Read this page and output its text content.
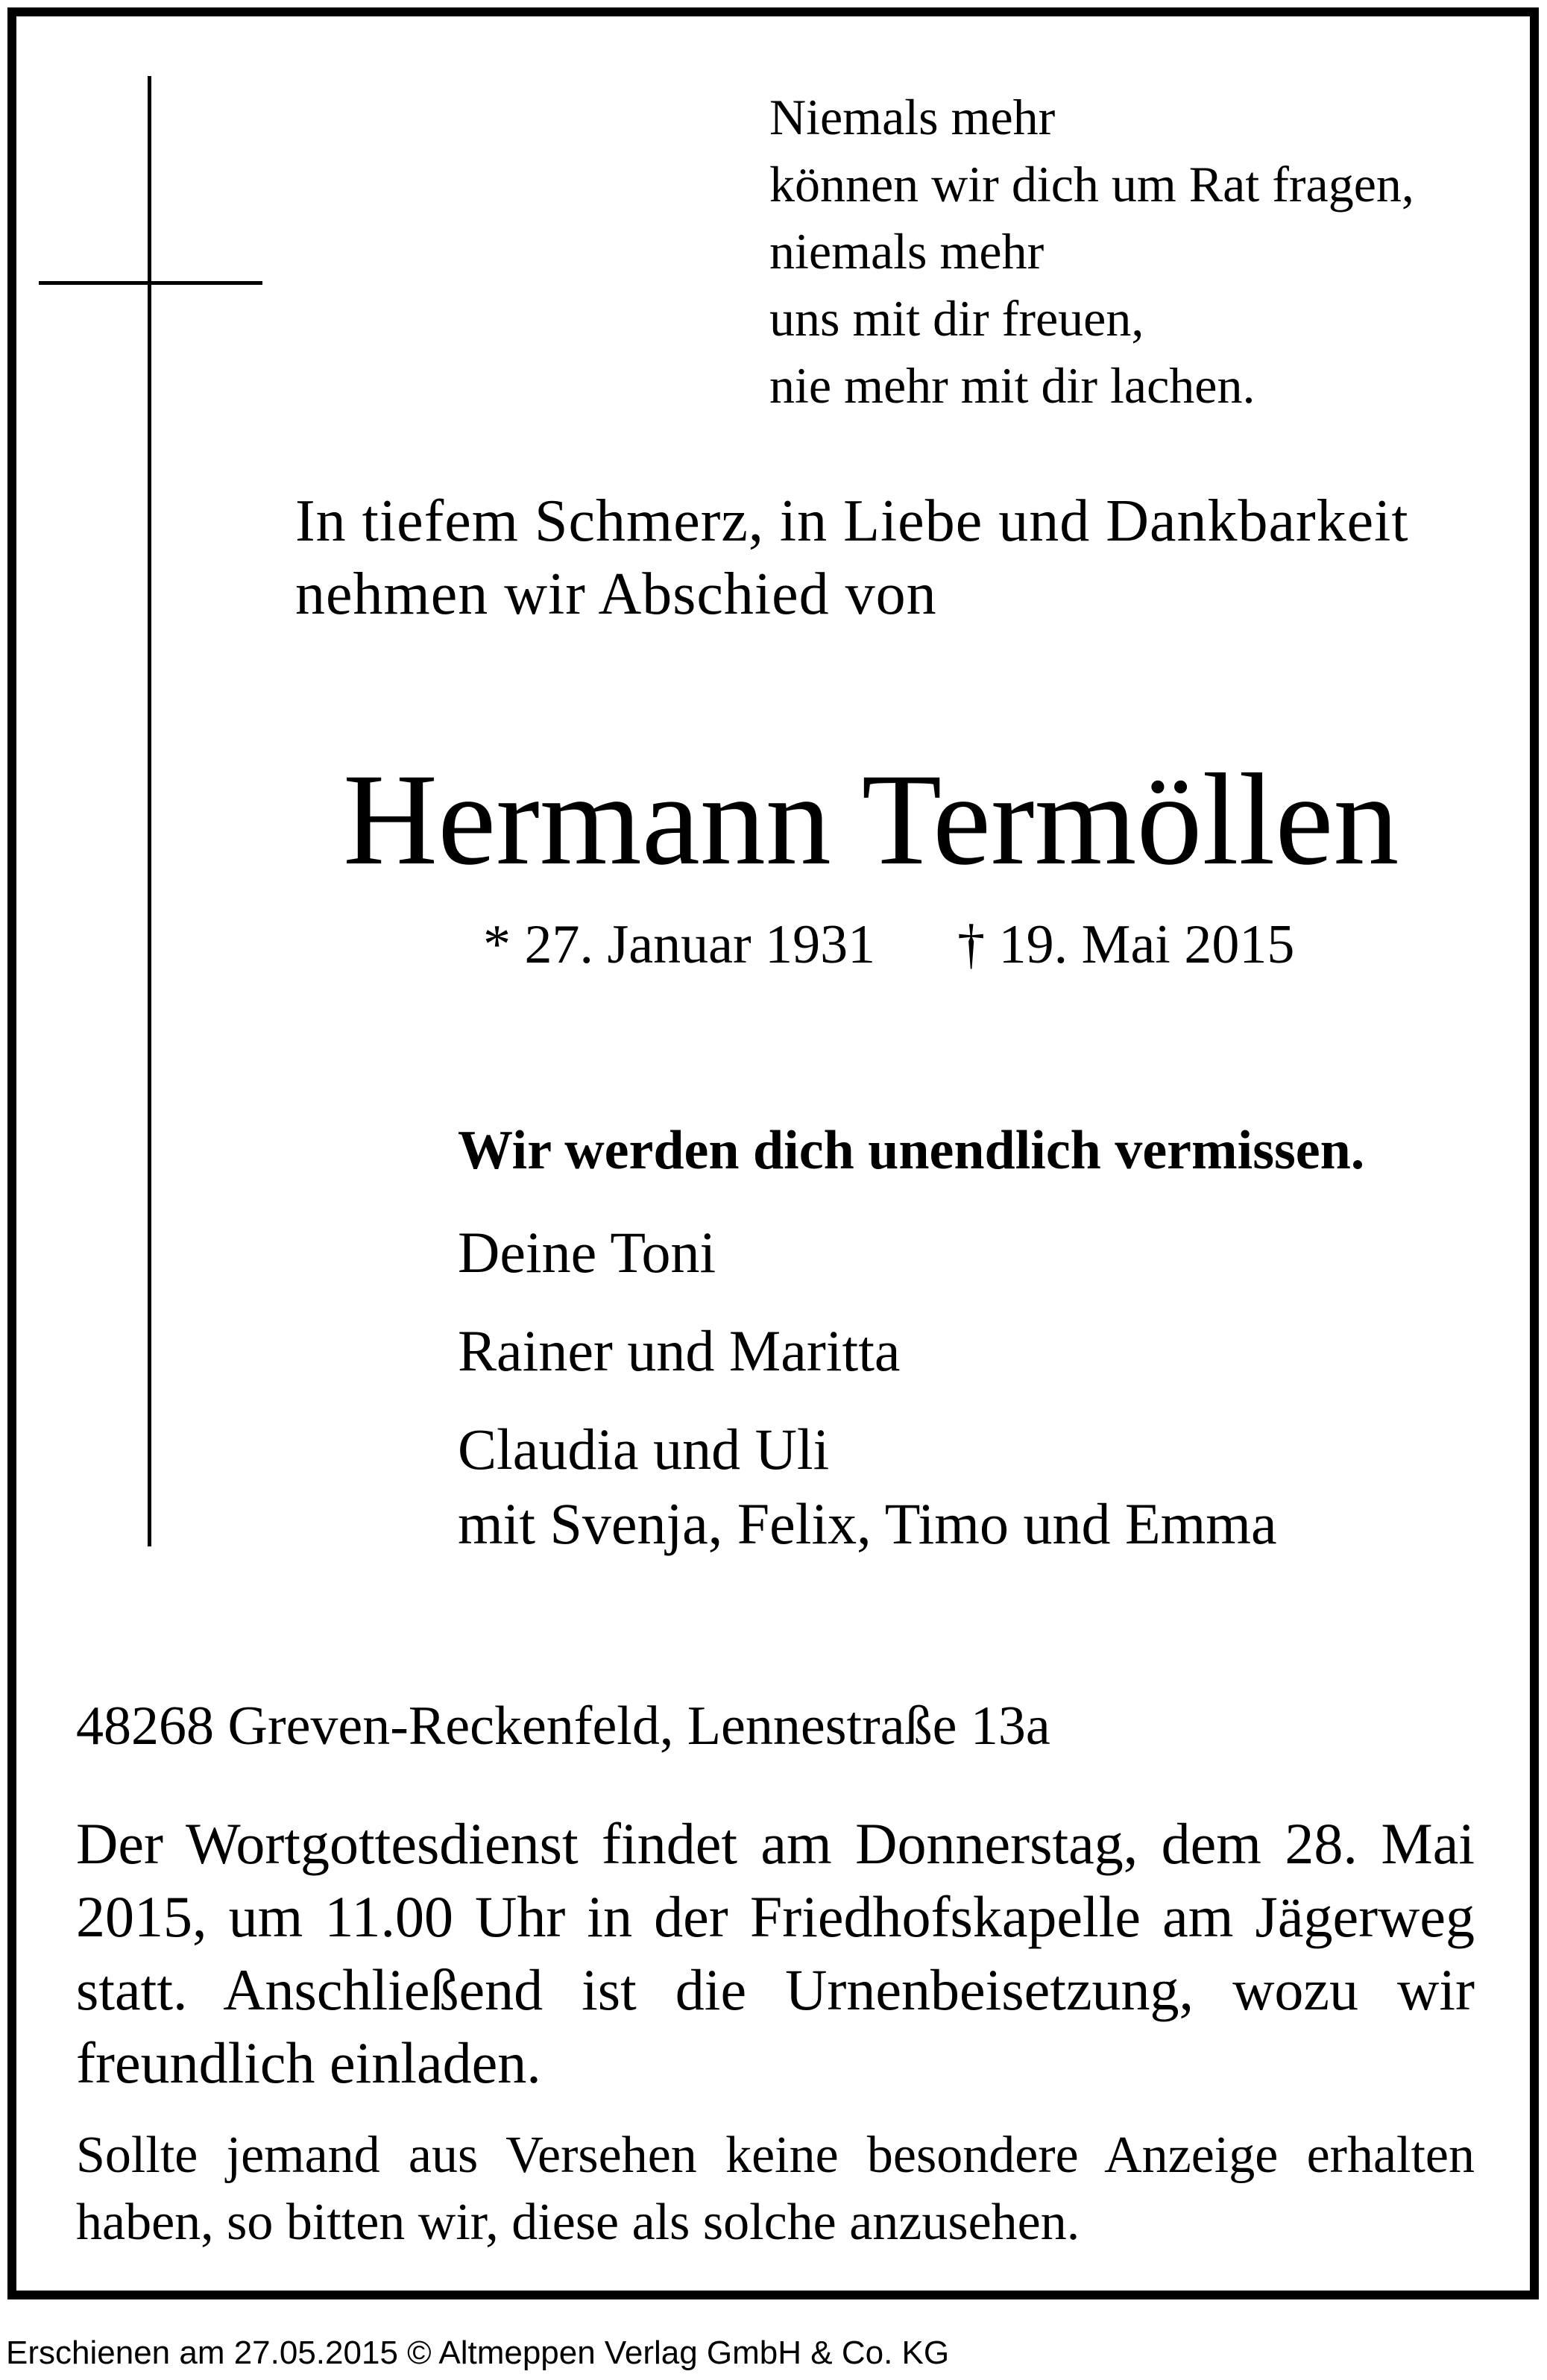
Niemals mehr
können wir dich um Rat fragen,
niemals mehr
uns mit dir freuen,
nie mehr mit dir lachen.
In tiefem Schmerz, in Liebe und Dankbarkeit
nehmen wir Abschied von
Hermann Termöllen
* 27. Januar 1931 † 19. Mai 2015
Wir werden dich unendlich vermissen.
Deine Toni
Rainer und Maritta
Claudia und Uli
mit Svenja, Felix, Timo und Emma
48268 Greven-Reckenfeld, Lennestraße 13a
Der Wortgottesdienst findet am Donnerstag, dem 28. Mai 2015, um 11.00 Uhr in der Friedhofskapelle am Jägerweg statt. Anschließend ist die Urnenbeisetzung, wozu wir freundlich einladen.
Sollte jemand aus Versehen keine besondere Anzeige erhalten haben, so bitten wir, diese als solche anzusehen.
Erschienen am 27.05.2015 © Altmeppen Verlag GmbH & Co. KG
